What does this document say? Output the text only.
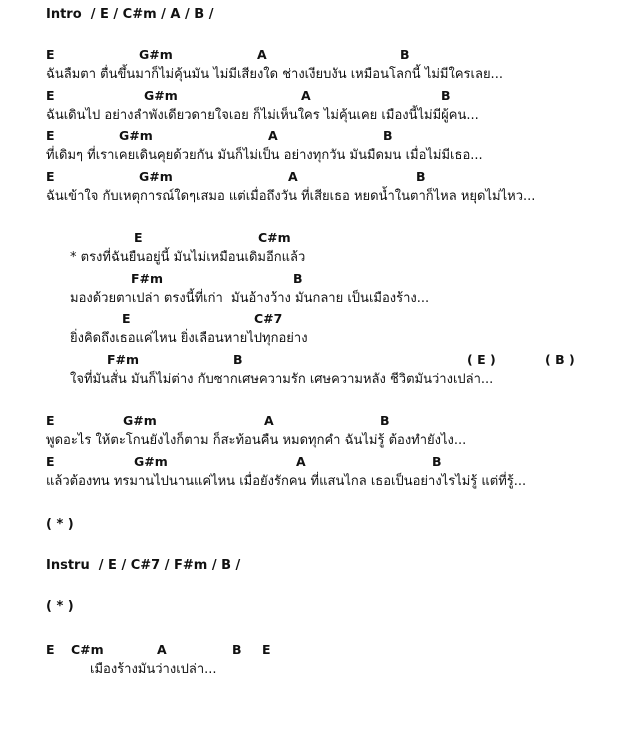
Intro  / E / C#m / A / B /

E

	G#m

	A

	B

ฉันลืมตา ตื่นขึ้นมาก็ไม่คุ้นมัน ไม่มีเสียงใด ช่างเงียบงัน เหมือนโลกนี้ ไม่มีใครเลย...

E

	G#m

	A

	B

ฉันเดินไป อย่างลำพังเดียวดายใจเอย ก็ไม่เห็นใคร ไม่คุ้นเคย เมืองนี้ไม่มีผู้คน...

E

	G#m

	A

	B

ที่เดิมๆ ที่เราเคยเดินคุยด้วยกัน มันก็ไม่เป็น อย่างทุกวัน มันมืดมน เมื่อไม่มีเธอ...

E

	G#m

	A

	B

ฉันเข้าใจ กับเหตุการณ์ใดๆเสมอ แต่เมื่อถึงวัน ที่เสียเธอ หยดน้ำในตาก็ไหล หยุดไม่ไหว...

E

	C#m

* ตรงที่ฉันยืนอยู่นี้ มันไม่เหมือนเดิมอีกแล้ว

F#m

	B

มองด้วยตาเปล่า ตรงนี้ที่เก่า  มันอ้างว้าง มันกลาย เป็นเมืองร้าง...

E

	C#7

ยิ่งคิดถึงเธอแค่ไหน ยิ่งเลือนหายไปทุกอย่าง

F#m

	B

	( E )

	( B )

ใจที่มันสั่น มันก็ไม่ต่าง กับซากเศษความรัก เศษความหลัง ชีวิตมันว่างเปล่า...

E

	G#m

	A

	B

พูดอะไร ให้ตะโกนยังไงก็ตาม ก็สะท้อนคืน หมดทุกคำ ฉันไม่รู้ ต้องทำยังไง...

E

	G#m

	A

	B

แล้วต้องทน ทรมานไปนานแค่ไหน เมื่อยังรักคน ที่แสนไกล เธอเป็นอย่างไรไม่รู้ แต่ที่รู้...
( * )
Instru  / E / C#7 / F#m / B /
( * )

E

C#m

	A

	B

E

เมืองร้างมันว่างเปล่า...
